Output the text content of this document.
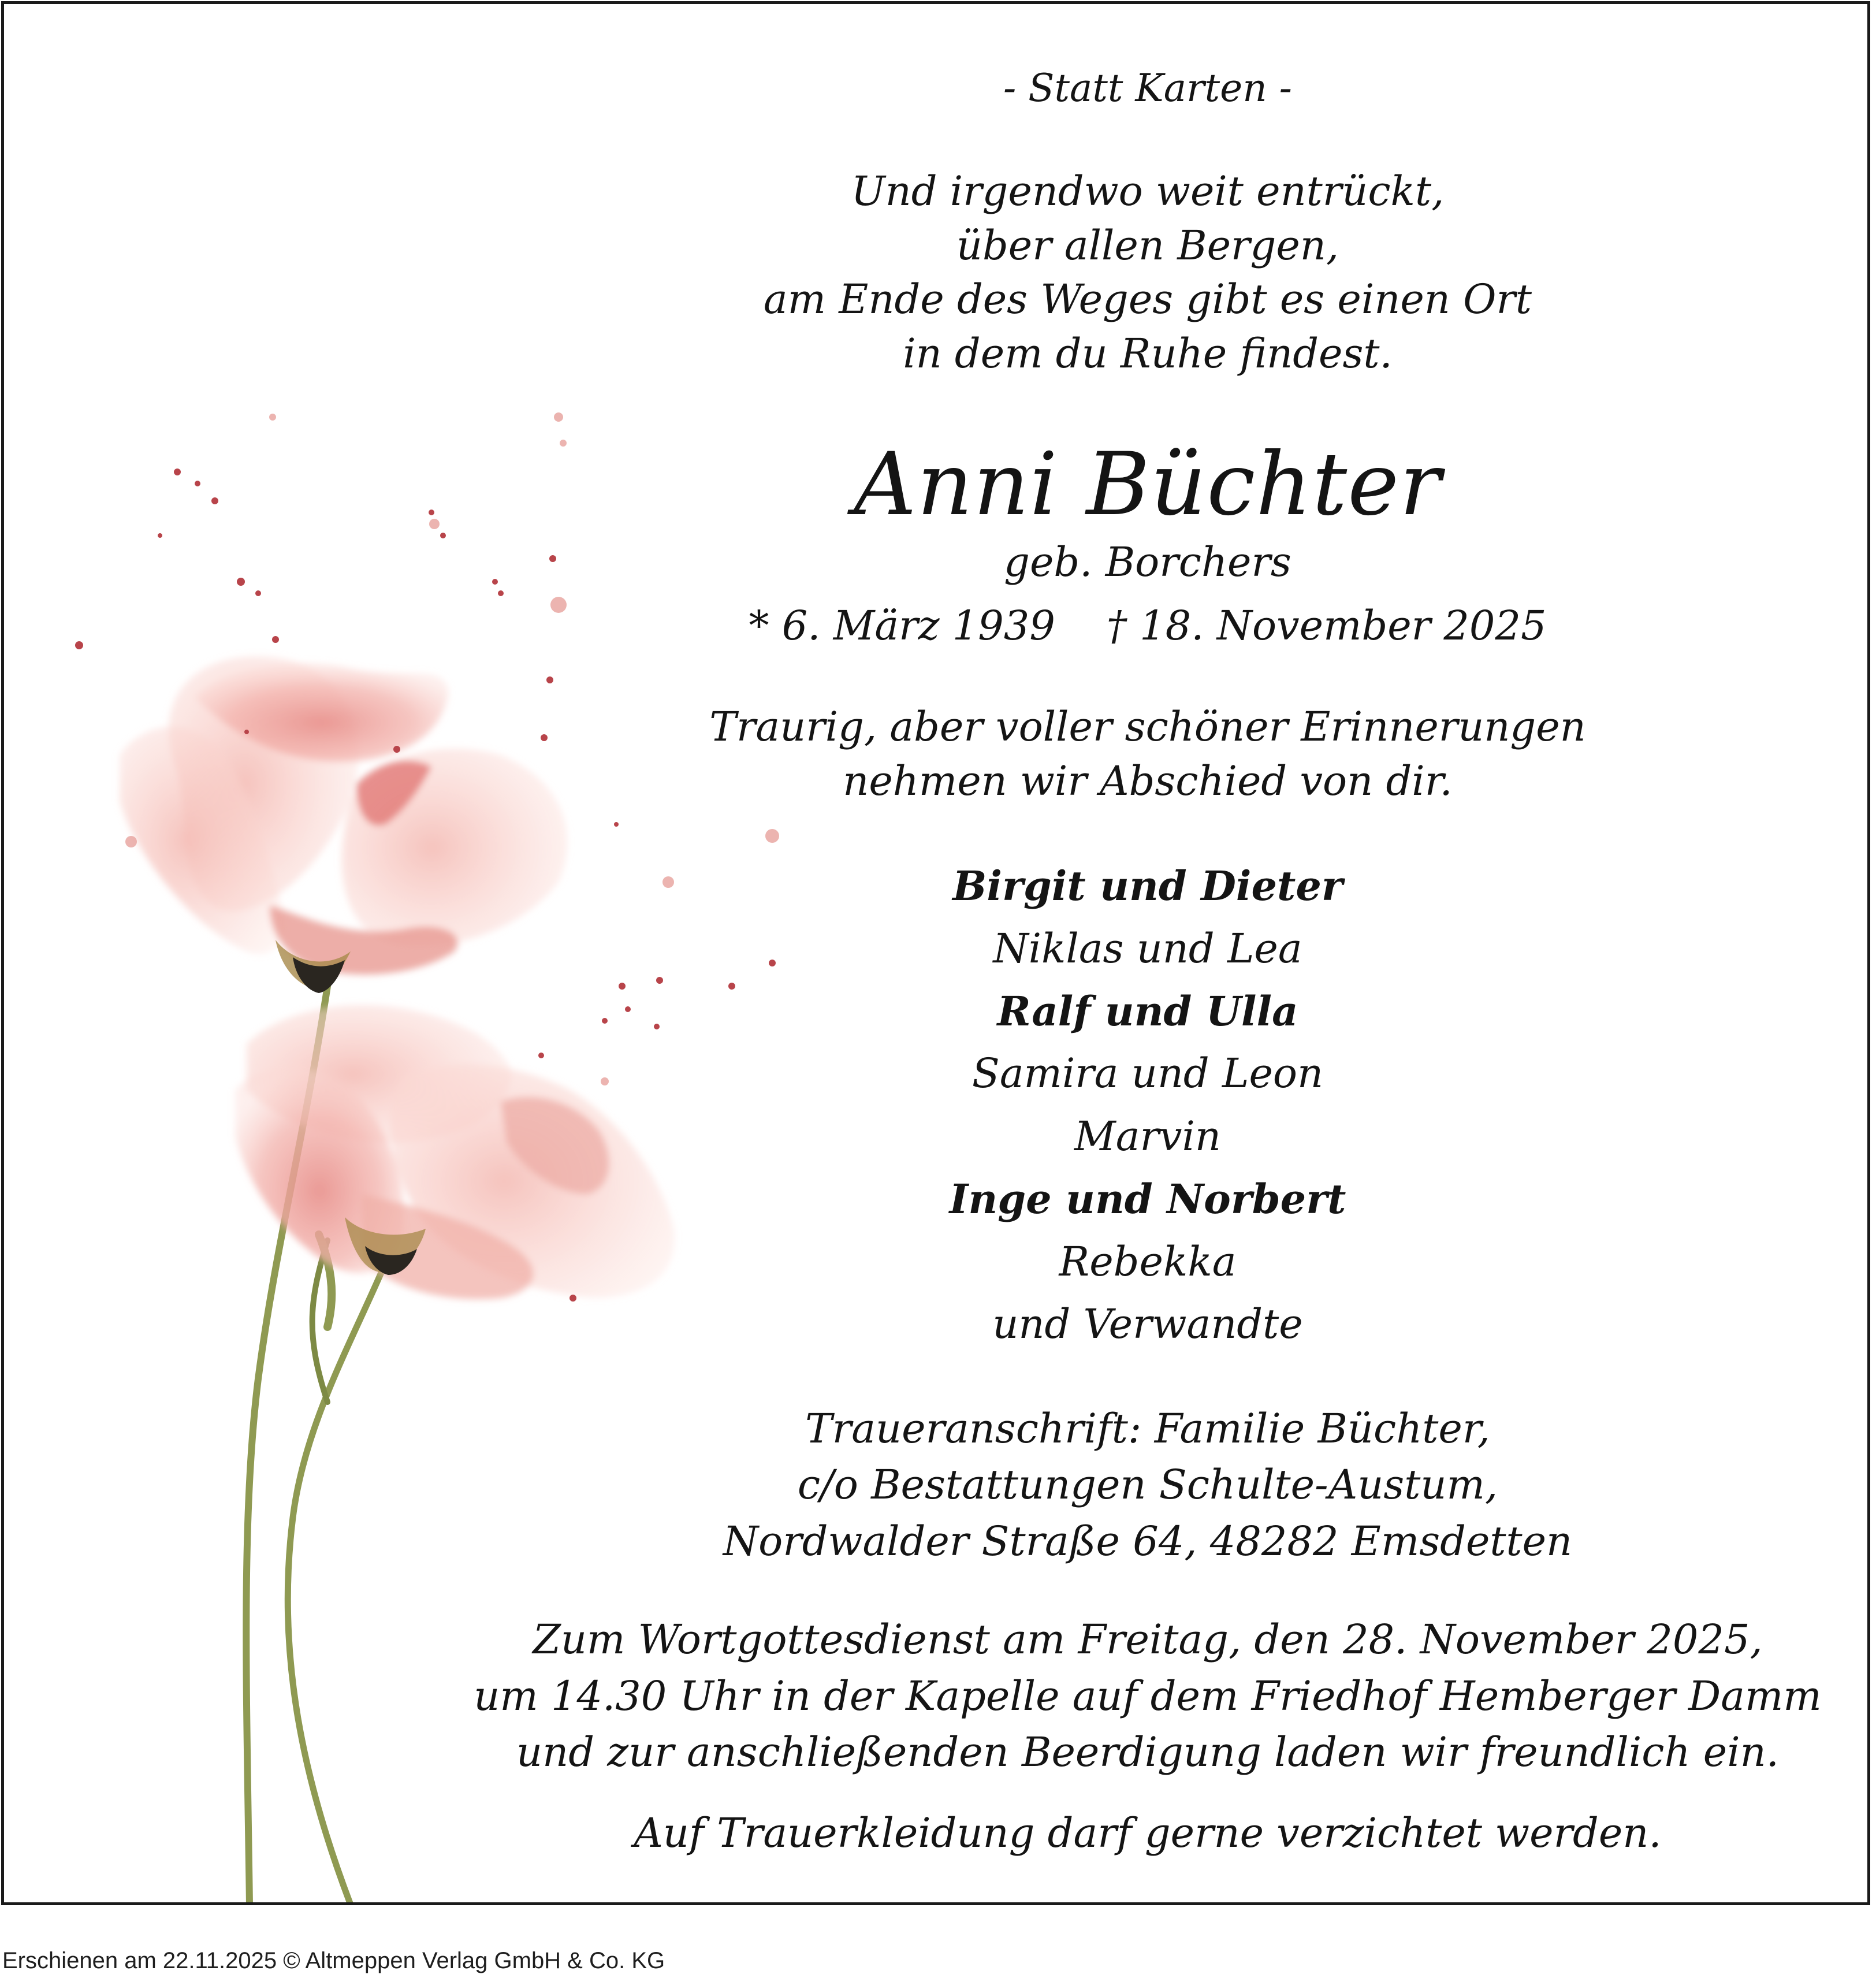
- Statt Karten -
Und irgendwo weit entrückt,
über allen Bergen,
am Ende des Weges gibt es einen Ort
in dem du Ruhe findest.
Anni Büchter
geb. Borchers
* 6. März 1939    † 18. November 2025
Traurig, aber voller schöner Erinnerungen
nehmen wir Abschied von dir.
Birgit und Dieter
Niklas und Lea
Ralf und Ulla
Samira und Leon
Marvin
Inge und Norbert
Rebekka
und Verwandte
Traueranschrift: Familie Büchter,
c/o Bestattungen Schulte-Austum,
Nordwalder Straße 64, 48282 Emsdetten
Zum Wortgottesdienst am Freitag, den 28. November 2025,
um 14.30 Uhr in der Kapelle auf dem Friedhof Hemberger Damm
und zur anschließenden Beerdigung laden wir freundlich ein.
Auf Trauerkleidung darf gerne verzichtet werden.
Erschienen am 22.11.2025 © Altmeppen Verlag GmbH & Co. KG
